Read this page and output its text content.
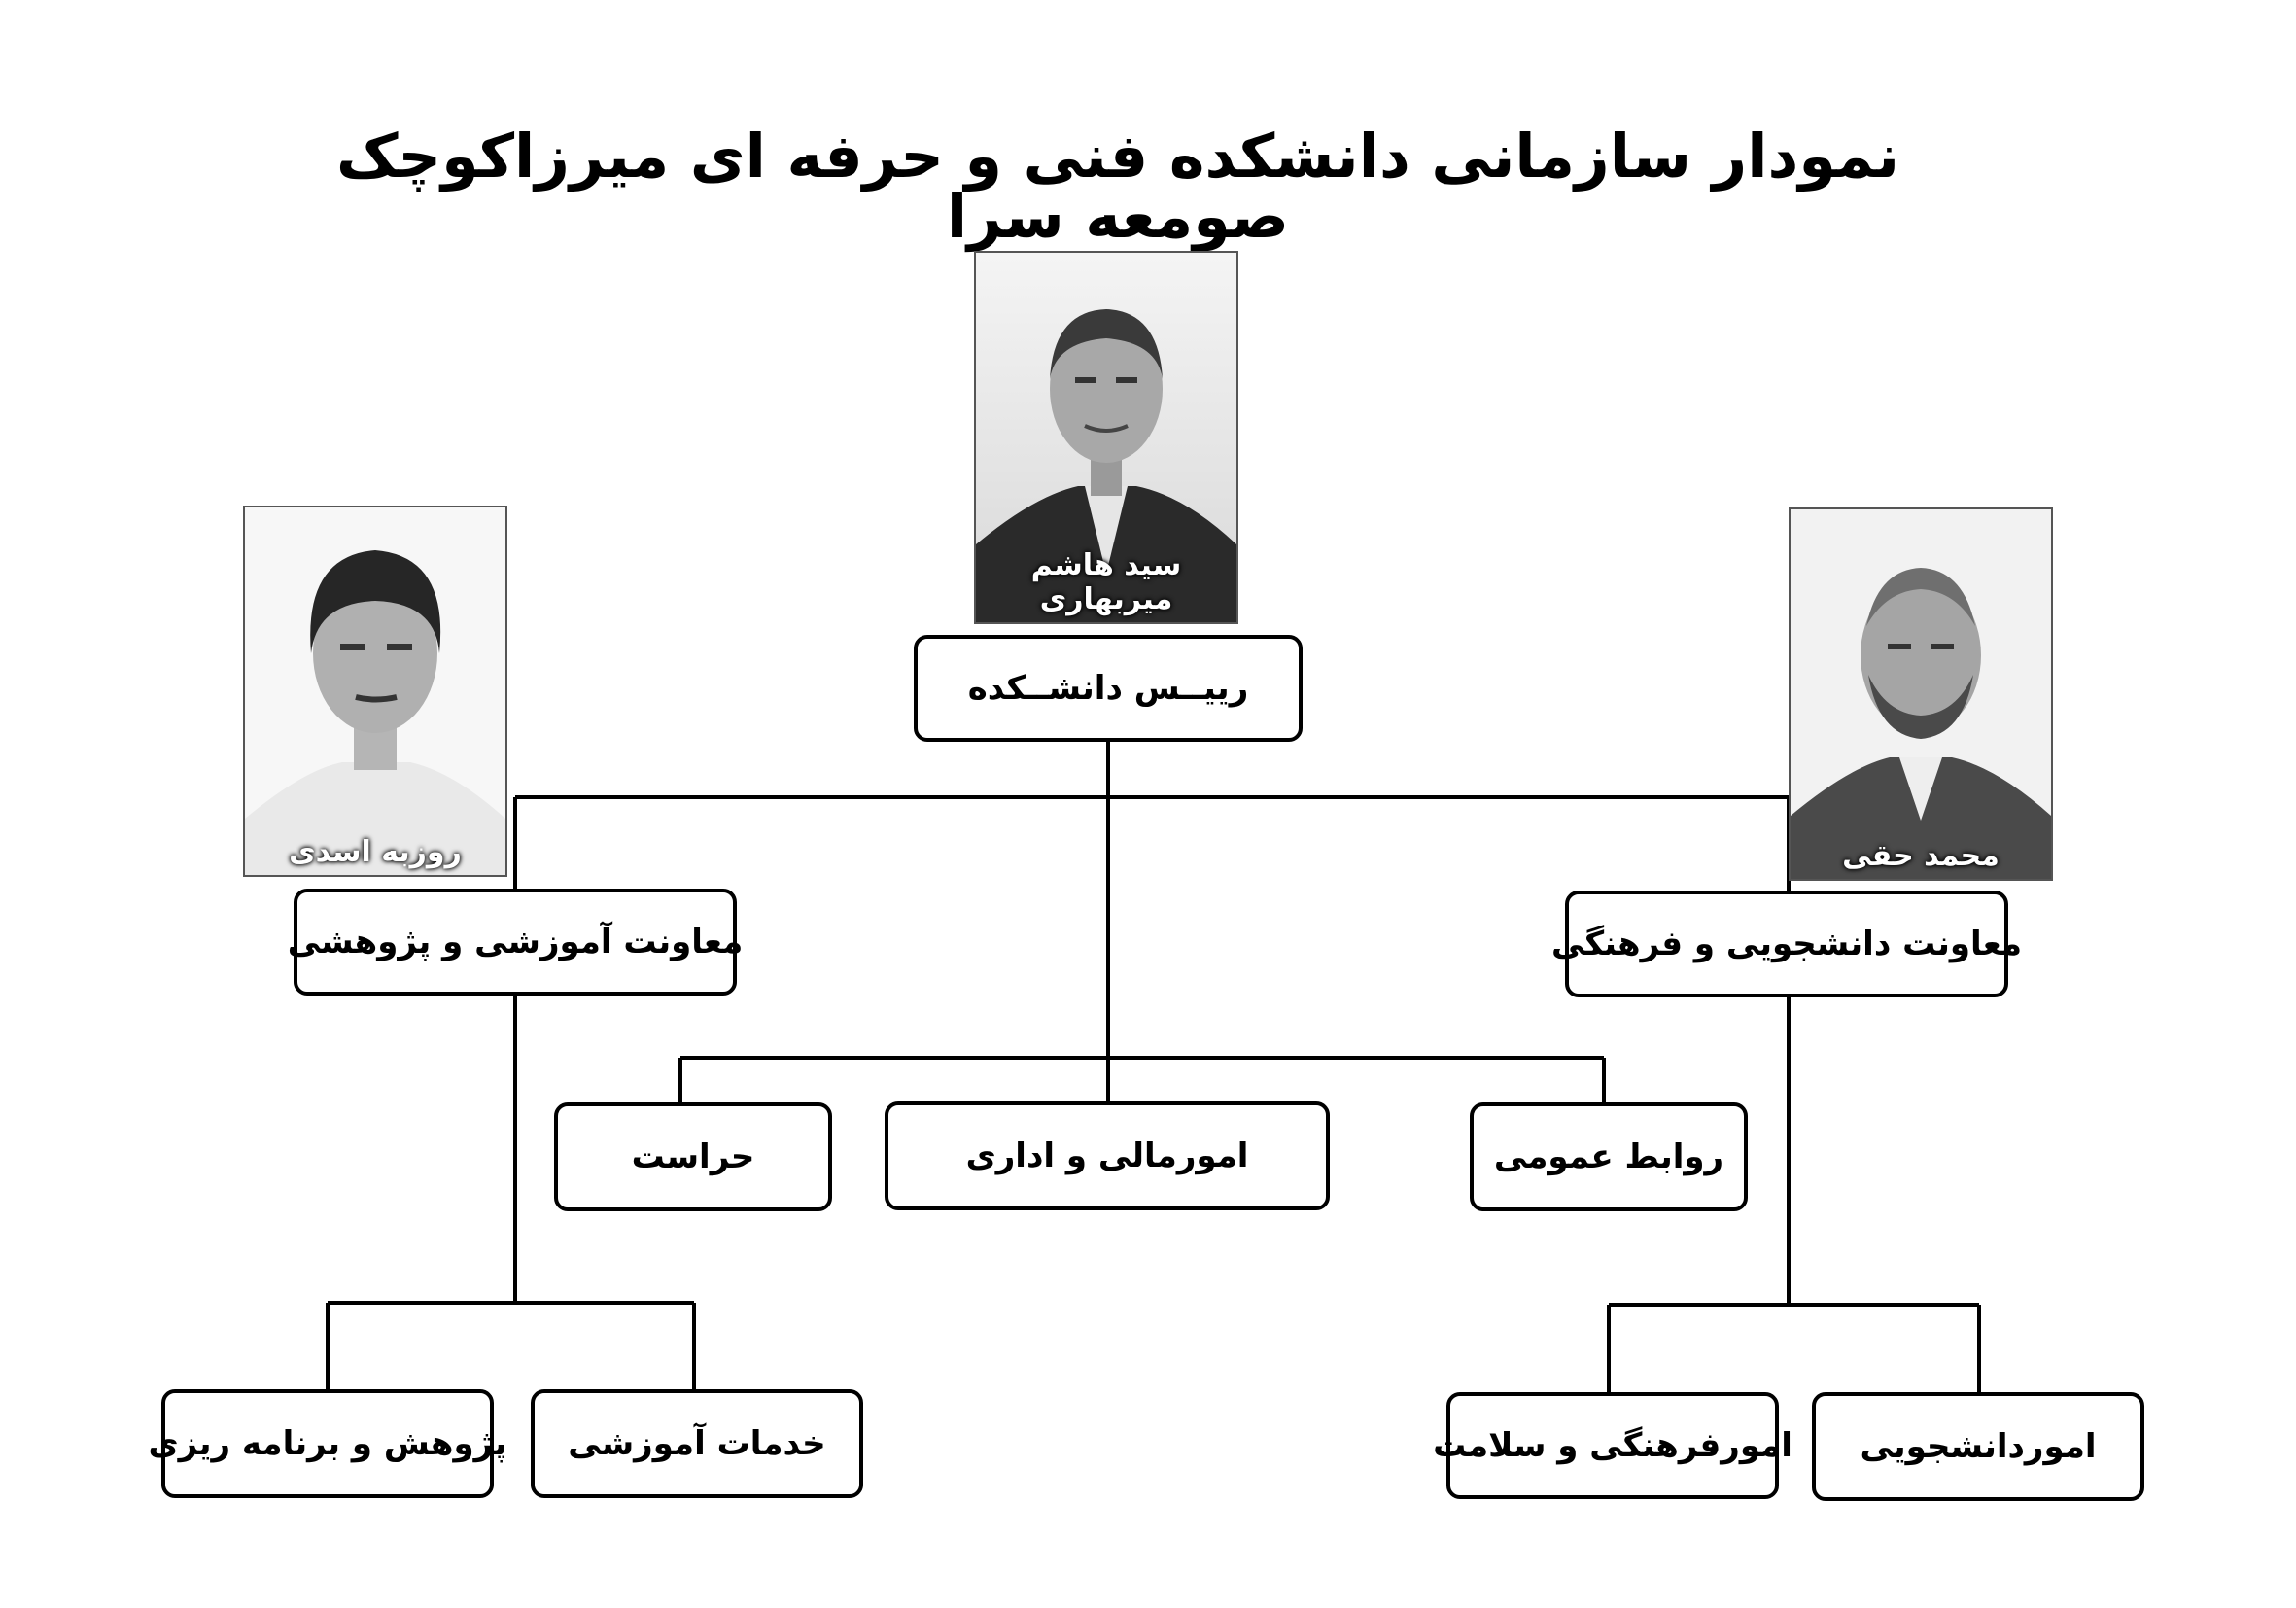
نمودار سازمانی دانشکده فنی و حرفه ای میرزاکوچک صومعه سرا
سید هاشم میربهاری
روزبه اسدی	محمد حقی
رییــس دانشــکده
معاونت آموزشی و پژوهشی	معاونت دانشجویی و فرهنگی
حراست	امورمالی و اداری	روابط عمومی
پژوهش و برنامه ریزی	خدمات آموزشی	امورفرهنگی و سلامت	اموردانشجویی
